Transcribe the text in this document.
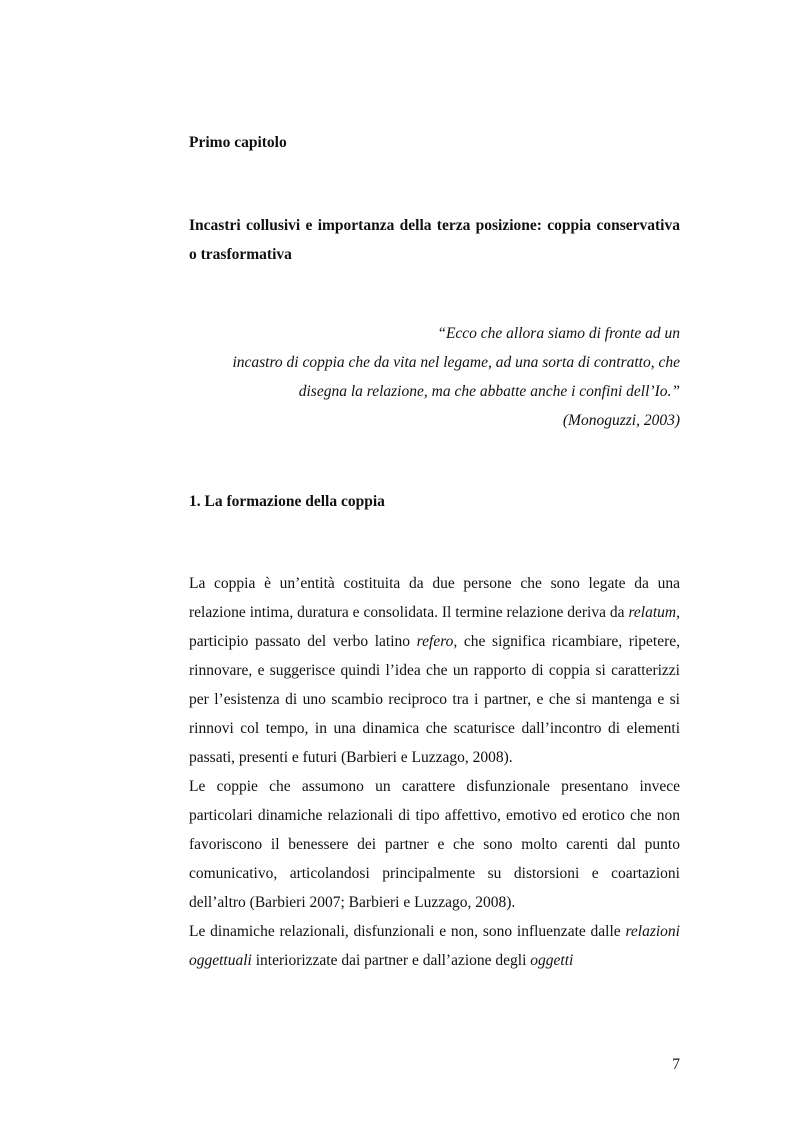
Primo capitolo
Incastri collusivi e importanza della terza posizione: coppia conservativa o trasformativa
“Ecco che allora siamo di fronte ad un
incastro di coppia che da vita nel legame, ad una sorta di contratto, che
disegna la relazione, ma che abbatte anche i confini dell’Io.”
(Monoguzzi, 2003)
1. La formazione della coppia

La coppia è un’entità costituita da due persone che sono legate da una relazione intima, duratura e consolidata. Il termine relazione deriva da relatum, participio passato del verbo latino refero, che significa ricambiare, ripetere, rinnovare, e suggerisce quindi l’idea che un rapporto di coppia si caratterizzi per l’esistenza di uno scambio reciproco tra i partner, e che si mantenga e si rinnovi col tempo, in una dinamica che scaturisce dall’incontro di elementi passati, presenti e futuri (Barbieri e Luzzago, 2008).

Le coppie che assumono un carattere disfunzionale presentano invece particolari dinamiche relazionali di tipo affettivo, emotivo ed erotico che non favoriscono il benessere dei partner e che sono molto carenti dal punto comunicativo, articolandosi principalmente su distorsioni e coartazioni dell’altro (Barbieri 2007; Barbieri e Luzzago, 2008).

Le dinamiche relazionali, disfunzionali e non, sono influenzate dalle relazioni oggettuali interiorizzate dai partner e dall’azione degli oggetti

7
